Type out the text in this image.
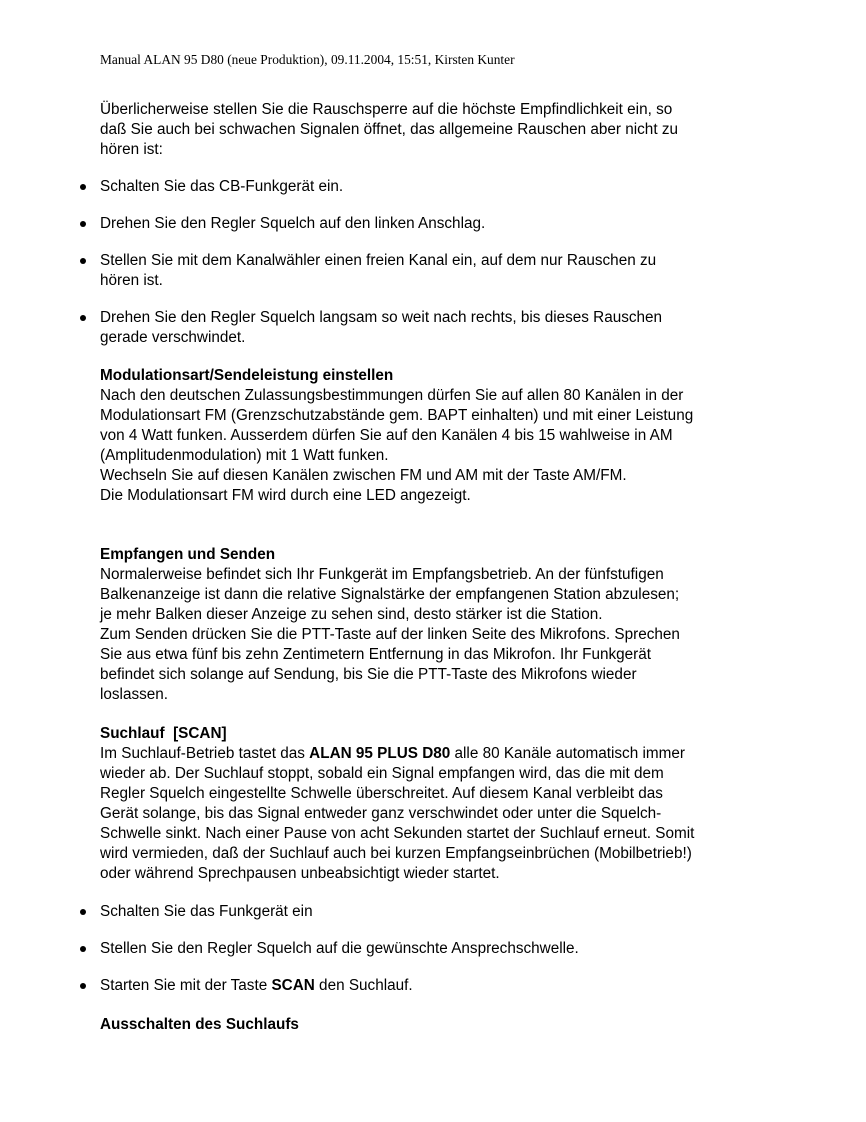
Manual ALAN 95 D80 (neue Produktion), 09.11.2004, 15:51, Kirsten Kunter

Überlicherweise stellen Sie die Rauschsperre auf die höchste Empfindlichkeit ein, so
daß Sie auch bei schwachen Signalen öffnet, das allgemeine Rauschen aber nicht zu
hören ist:

Schalten Sie das CB-Funkgerät ein.
Drehen Sie den Regler Squelch auf den linken Anschlag.
Stellen Sie mit dem Kanalwähler einen freien Kanal ein, auf dem nur Rauschen zu
hören ist.
Drehen Sie den Regler Squelch langsam so weit nach rechts, bis dieses Rauschen
gerade verschwindet.

Modulationsart/Sendeleistung einstellen

Nach den deutschen Zulassungsbestimmungen dürfen Sie auf allen 80 Kanälen in der
Modulationsart FM (Grenzschutzabstände gem. BAPT einhalten) und mit einer Leistung
von 4 Watt funken. Ausserdem dürfen Sie auf den Kanälen 4 bis 15 wahlweise in AM
(Amplitudenmodulation) mit 1 Watt funken.
Wechseln Sie auf diesen Kanälen zwischen FM und AM mit der Taste AM/FM.
Die Modulationsart FM wird durch eine LED angezeigt.

Empfangen und Senden

Normalerweise befindet sich Ihr Funkgerät im Empfangsbetrieb. An der fünfstufigen
Balkenanzeige ist dann die relative Signalstärke der empfangenen Station abzulesen;
je mehr Balken dieser Anzeige zu sehen sind, desto stärker ist die Station.
Zum Senden drücken Sie die PTT-Taste auf der linken Seite des Mikrofons. Sprechen
Sie aus etwa fünf bis zehn Zentimetern Entfernung in das Mikrofon. Ihr Funkgerät
befindet sich solange auf Sendung, bis Sie die PTT-Taste des Mikrofons wieder
loslassen.

Suchlauf  [SCAN]

Im Suchlauf-Betrieb tastet das ALAN 95 PLUS D80 alle 80 Kanäle automatisch immer
wieder ab. Der Suchlauf stoppt, sobald ein Signal empfangen wird, das die mit dem
Regler Squelch eingestellte Schwelle überschreitet. Auf diesem Kanal verbleibt das
Gerät solange, bis das Signal entweder ganz verschwindet oder unter die Squelch-
Schwelle sinkt. Nach einer Pause von acht Sekunden startet der Suchlauf erneut. Somit
wird vermieden, daß der Suchlauf auch bei kurzen Empfangseinbrüchen (Mobilbetrieb!)
oder während Sprechpausen unbeabsichtigt wieder startet.

Schalten Sie das Funkgerät ein
Stellen Sie den Regler Squelch auf die gewünschte Ansprechschwelle.
Starten Sie mit der Taste SCAN den Suchlauf.

Ausschalten des Suchlaufs
